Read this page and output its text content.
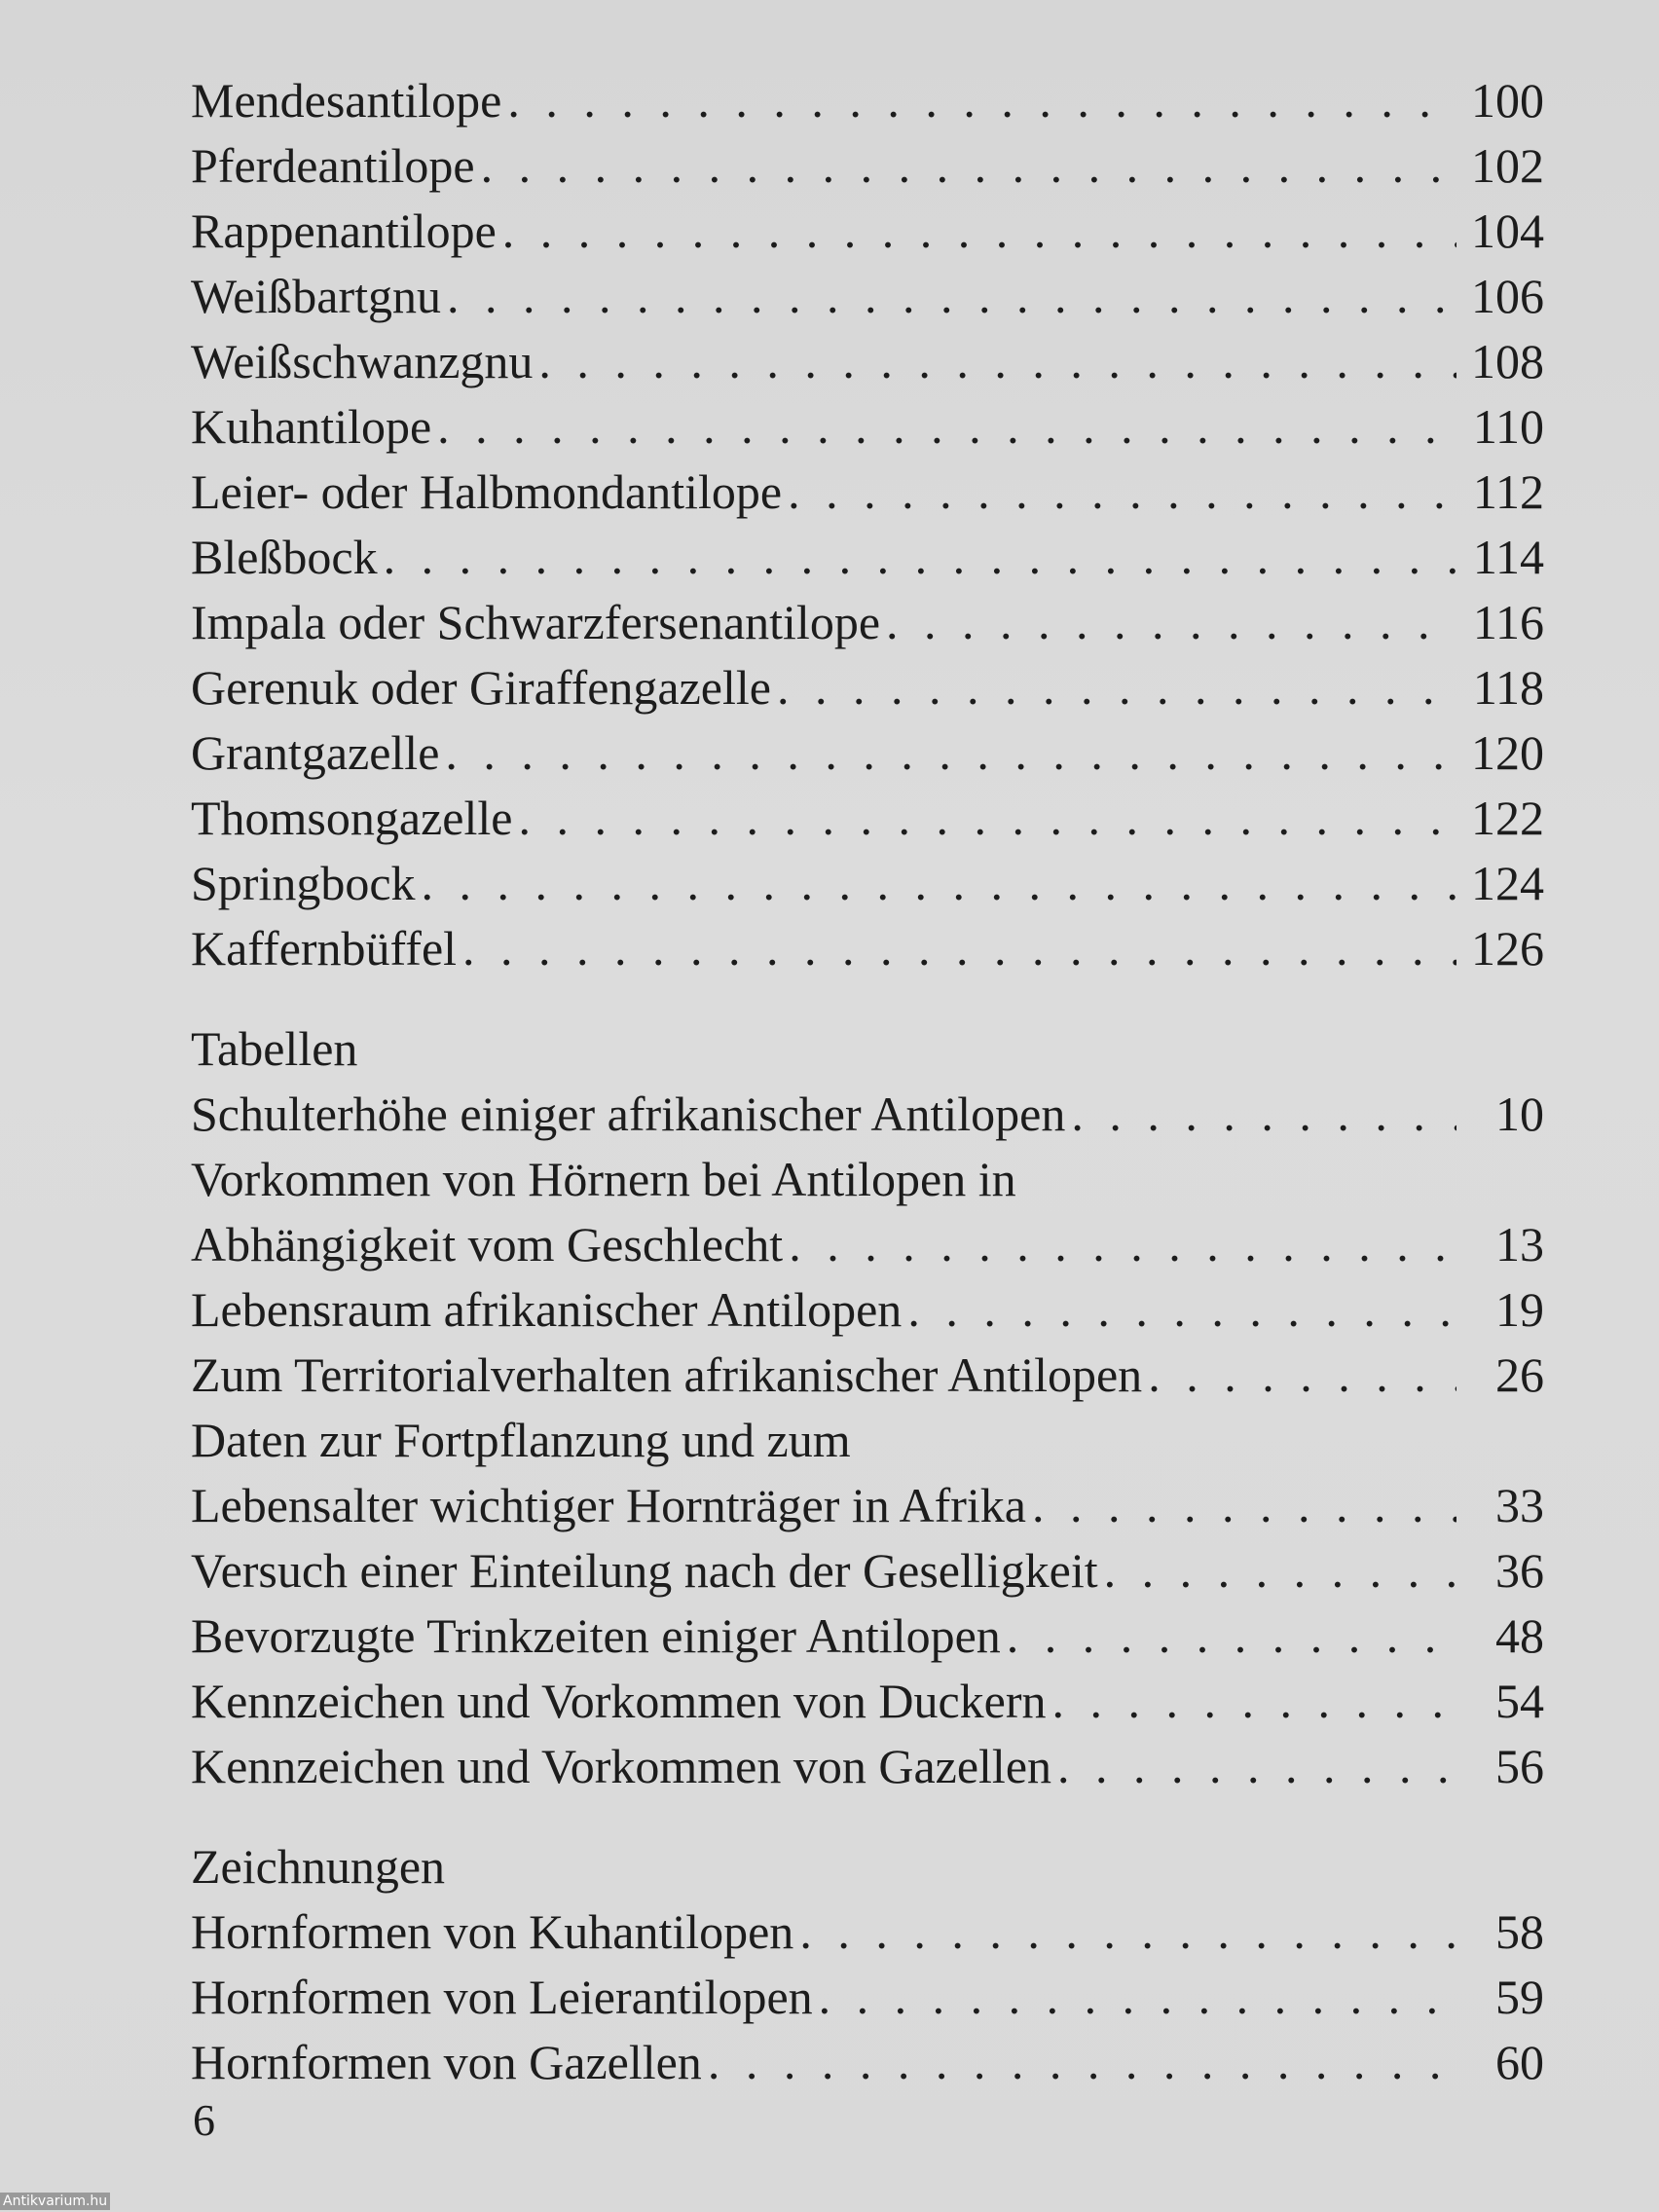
Mendesantilope . . .	100
Pferdeantilope . . .	102
Rappenantilope . . .	104
Weißbartgnu . . .	106
Weißschwanzgnu . . .	108
Kuhantilope . . .	110
Leier- oder Halbmondantilope . . .	112
Bleßbock . . .	114
Impala oder Schwarzfersenantilope . . .	116
Gerenuk oder Giraffengazelle . . .	118
Grantgazelle . . .	120
Thomsongazelle . . .	122
Springbock . . .	124
Kaffernbüffel . . .	126
Tabellen
Schulterhöhe einiger afrikanischer Antilopen . . .	10
Vorkommen von Hörnern bei Antilopen in
Abhängigkeit vom Geschlecht . . .	13
Lebensraum afrikanischer Antilopen . . .	19
Zum Territorialverhalten afrikanischer Antilopen . . .	26
Daten zur Fortpflanzung und zum
Lebensalter wichtiger Hornträger in Afrika . . .	33
Versuch einer Einteilung nach der Geselligkeit . . .	36
Bevorzugte Trinkzeiten einiger Antilopen . . .	48
Kennzeichen und Vorkommen von Duckern . . .	54
Kennzeichen und Vorkommen von Gazellen . . .	56
Zeichnungen
Hornformen von Kuhantilopen . . .	58
Hornformen von Leierantilopen . . .	59
Hornformen von Gazellen . . .	60
6
Antikvarium.hu
